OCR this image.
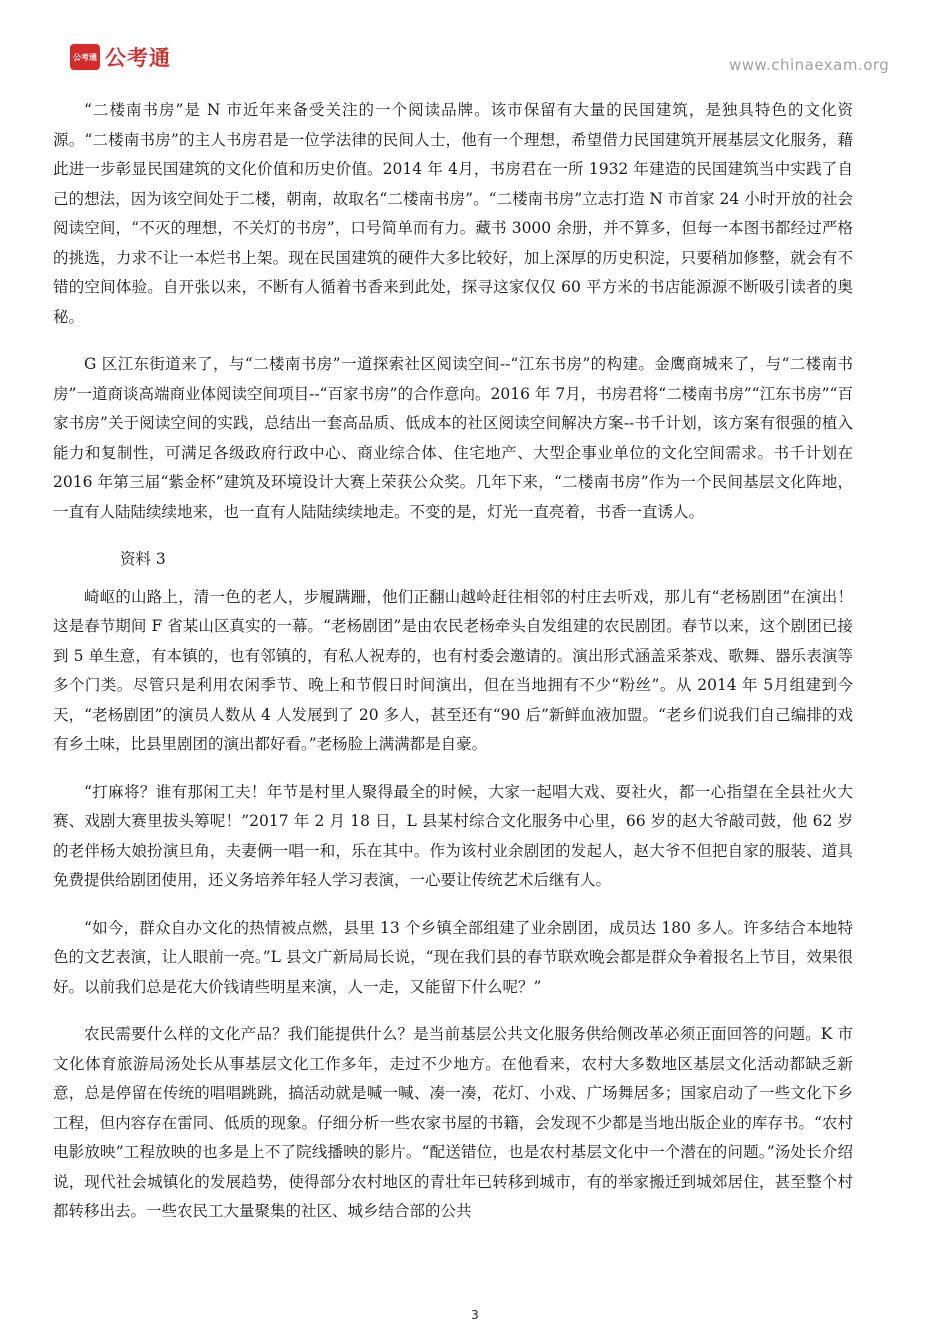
公考通 公考通	www.chinaexam.org

“二楼南书房”是 N 市近年来备受关注的一个阅读品牌。该市保留有大量的民国建筑，是独具特色的文化资源。“二楼南书房”的主人书房君是一位学法律的民间人士，他有一个理想，希望借力民国建筑开展基层文化服务，藉此进一步彰显民国建筑的文化价值和历史价值。2014 年 4月，书房君在一所 1932 年建造的民国建筑当中实践了自己的想法，因为该空间处于二楼，朝南，故取名“二楼南书房”。“二楼南书房”立志打造 N 市首家 24 小时开放的社会阅读空间，“不灭的理想，不关灯的书房”，口号简单而有力。藏书 3000 余册，并不算多，但每一本图书都经过严格的挑选，力求不让一本烂书上架。现在民国建筑的硬件大多比较好，加上深厚的历史积淀，只要稍加修整，就会有不错的空间体验。自开张以来，不断有人循着书香来到此处，探寻这家仅仅 60 平方米的书店能源源不断吸引读者的奥秘。

G 区江东街道来了，与“二楼南书房”一道探索社区阅读空间--“江东书房”的构建。金鹰商城来了，与“二楼南书房”一道商谈高端商业体阅读空间项目--“百家书房”的合作意向。2016 年 7月，书房君将“二楼南书房”“江东书房”“百家书房”关于阅读空间的实践，总结出一套高品质、低成本的社区阅读空间解决方案--书千计划，该方案有很强的植入能力和复制性，可满足各级政府行政中心、商业综合体、住宅地产、大型企事业单位的文化空间需求。书千计划在 2016 年第三届“紫金杯”建筑及环境设计大赛上荣获公众奖。几年下来，“二楼南书房”作为一个民间基层文化阵地，一直有人陆陆续续地来，也一直有人陆陆续续地走。不变的是，灯光一直亮着，书香一直诱人。

资料 3

崎岖的山路上，清一色的老人，步履蹒跚，他们正翻山越岭赶往相邻的村庄去听戏，那儿有“老杨剧团”在演出！这是春节期间 F 省某山区真实的一幕。“老杨剧团”是由农民老杨牵头自发组建的农民剧团。春节以来，这个剧团已接到 5 单生意，有本镇的，也有邻镇的，有私人祝寿的，也有村委会邀请的。演出形式涵盖采茶戏、歌舞、器乐表演等多个门类。尽管只是利用农闲季节、晚上和节假日时间演出，但在当地拥有不少“粉丝”。从 2014 年 5月组建到今天，“老杨剧团”的演员人数从 4 人发展到了 20 多人，甚至还有“90 后”新鲜血液加盟。“老乡们说我们自己编排的戏有乡土味，比县里剧团的演出都好看。”老杨脸上满满都是自豪。

“打麻将？谁有那闲工夫！年节是村里人聚得最全的时候，大家一起唱大戏、耍社火，都一心指望在全县社火大赛、戏剧大赛里拔头筹呢！”2017 年 2 月 18 日，L 县某村综合文化服务中心里，66 岁的赵大爷敲司鼓，他 62 岁的老伴杨大娘扮演旦角，夫妻俩一唱一和，乐在其中。作为该村业余剧团的发起人，赵大爷不但把自家的服装、道具免费提供给剧团使用，还义务培养年轻人学习表演，一心要让传统艺术后继有人。

“如今，群众自办文化的热情被点燃，县里 13 个乡镇全部组建了业余剧团，成员达 180 多人。许多结合本地特色的文艺表演，让人眼前一亮。”L 县文广新局局长说，“现在我们县的春节联欢晚会都是群众争着报名上节目，效果很好。以前我们总是花大价钱请些明星来演，人一走，又能留下什么呢？”

农民需要什么样的文化产品？我们能提供什么？是当前基层公共文化服务供给侧改革必须正面回答的问题。K 市文化体育旅游局汤处长从事基层文化工作多年，走过不少地方。在他看来，农村大多数地区基层文化活动都缺乏新意，总是停留在传统的唱唱跳跳，搞活动就是喊一喊、凑一凑，花灯、小戏、广场舞居多；国家启动了一些文化下乡工程，但内容存在雷同、低质的现象。仔细分析一些农家书屋的书籍，会发现不少都是当地出版企业的库存书。“农村电影放映”工程放映的也多是上不了院线播映的影片。“配送错位，也是农村基层文化中一个潜在的问题。”汤处长介绍说，现代社会城镇化的发展趋势，使得部分农村地区的青壮年已转移到城市，有的举家搬迁到城郊居住，甚至整个村都转移出去。一些农民工大量聚集的社区、城乡结合部的公共

3
